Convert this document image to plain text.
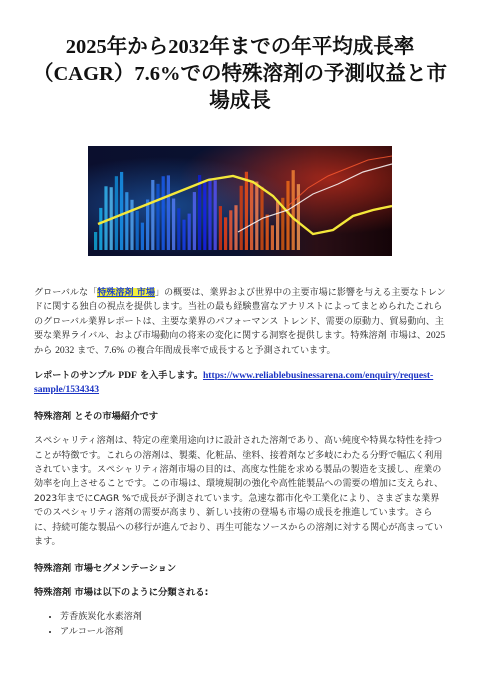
2025年から2032年までの年平均成長率（CAGR）7.6%での特殊溶剤の予測収益と市場成長

グローバルな「特殊溶剤 市場」の概要は、業界および世界中の主要市場に影響を与える主要なトレンドに関する独自の視点を提供します。当社の最も経験豊富なアナリストによってまとめられたこれらのグローバル業界レポートは、主要な業界のパフォーマンス トレンド、需要の原動力、貿易動向、主要な業界ライバル、および市場動向の将来の変化に関する洞察を提供します。特殊溶剤 市場は、2025 から 2032 まで、7.6% の複合年間成長率で成長すると予測されています。

レポートのサンプル PDF を入手します。https://www.reliablebusinessarena.com/enquiry/request-sample/1534343

特殊溶剤 とその市場紹介です

スペシャリティ溶剤は、特定の産業用途向けに設計された溶剤であり、高い純度や特異な特性を持つことが特徴です。これらの溶剤は、製薬、化粧品、塗料、接着剤など多岐にわたる分野で幅広く利用されています。スペシャリティ溶剤市場の目的は、高度な性能を求める製品の製造を支援し、産業の効率を向上させることです。この市場は、環境規制の強化や高性能製品への需要の増加に支えられ、2023年までにCAGR %で成長が予測されています。急速な都市化や工業化により、さまざまな業界でのスペシャリティ溶剤の需要が高まり、新しい技術の登場も市場の成長を推進しています。さらに、持続可能な製品への移行が進んでおり、再生可能なソースからの溶剤に対する関心が高まっています。

特殊溶剤 市場セグメンテーション

特殊溶剤 市場は以下のように分類される:

• 芳香族炭化水素溶剤
• アルコール溶剤
